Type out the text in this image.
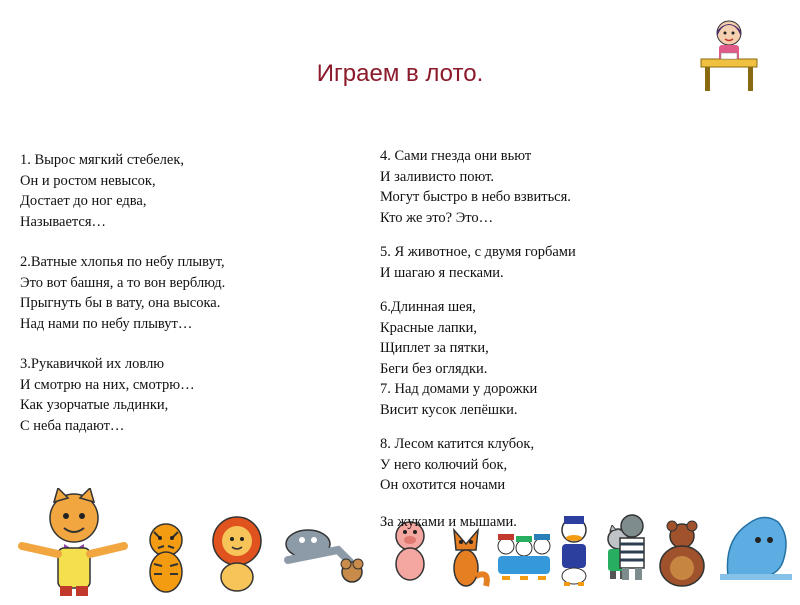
Играем в лото.
1. Вырос мягкий стебелек,
Он и ростом невысок,
Достает до ног едва,
Называется…
2.Ватные хлопья по небу плывут,
Это вот башня, а то вон верблюд.
Прыгнуть бы в вату, она высока.
Над нами по небу плывут…
3.Рукавичкой их ловлю
И смотрю на них, смотрю…
Как узорчатые льдинки,
С неба падают…
4. Сами гнезда они вьют
И заливисто поют.
Могут быстро в небо взвиться.
Кто же это? Это…
5. Я животное, с двумя горбами
И шагаю я песками.
6.Длинная шея,
Красные лапки,
Щиплет за пятки,
Беги без оглядки.
7. Над домами у дорожки
Висит кусок лепёшки.
8. Лесом катится клубок,
У него колючий бок,
Он охотится ночами
За жуками и мышами.
